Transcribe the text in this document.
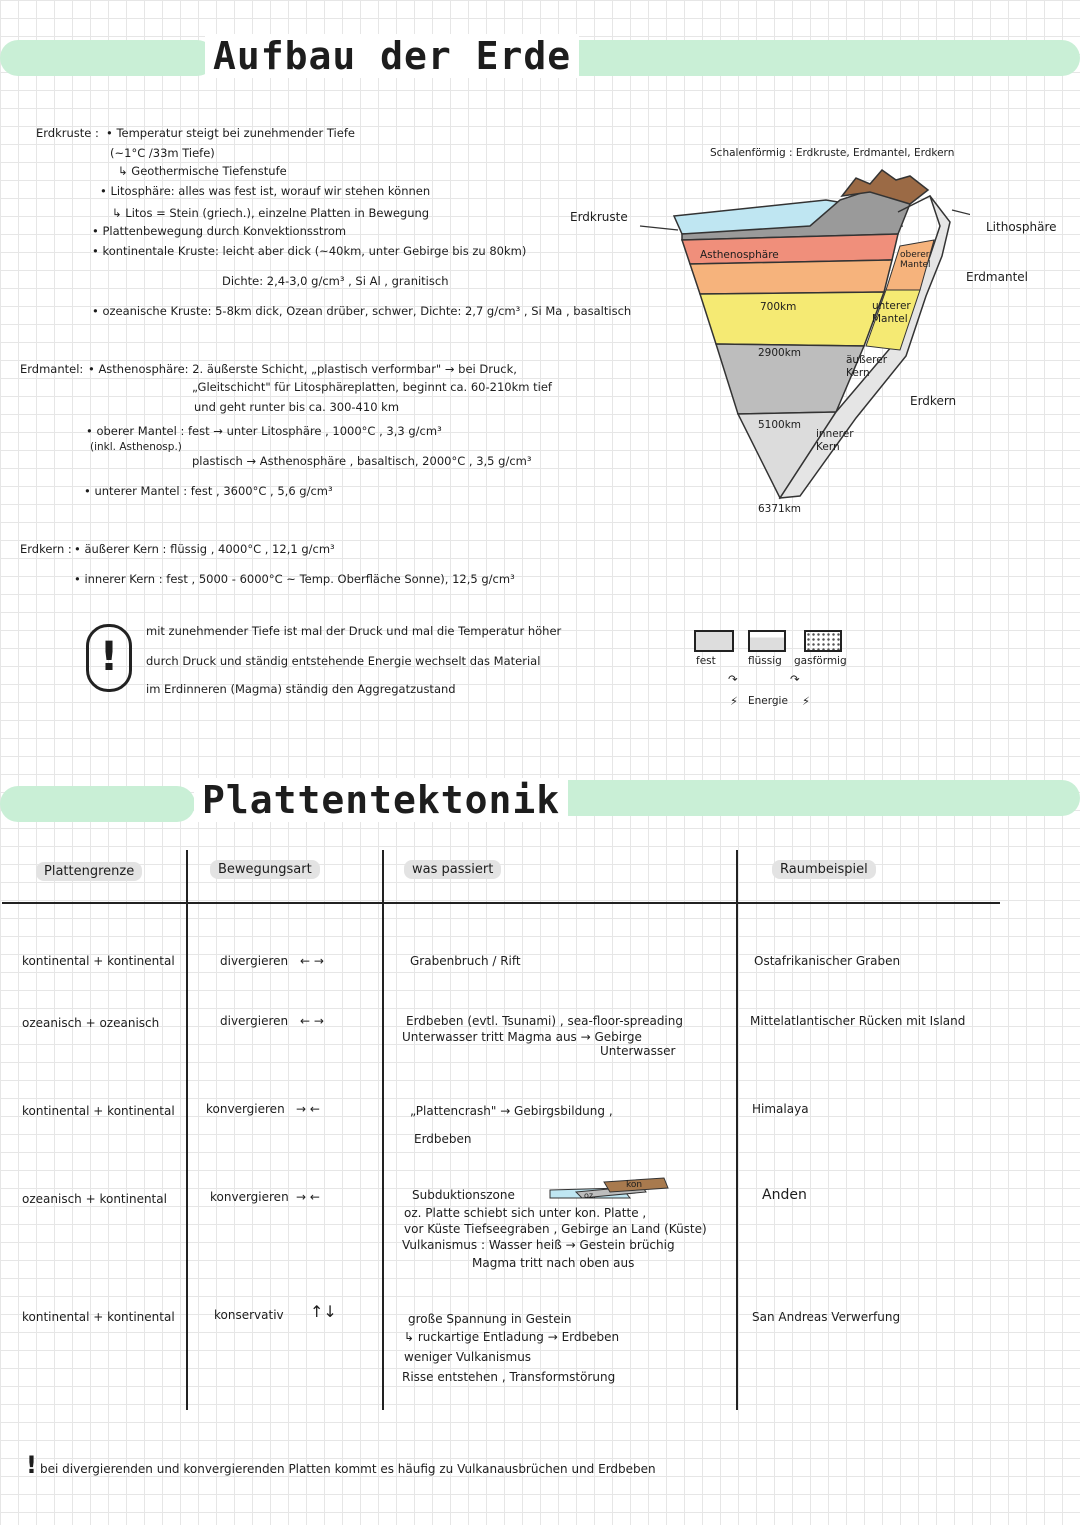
Aufbau der Erde
Erdkruste : • Temperatur steigt bei zunehmender Tiefe
(~1°C /33m Tiefe)
↳ Geothermische Tiefenstufe
• Litosphäre: alles was fest ist, worauf wir stehen können
↳ Litos = Stein (griech.), einzelne Platten in Bewegung
• Plattenbewegung durch Konvektionsstrom
• kontinentale Kruste: leicht aber dick (~40km, unter Gebirge bis zu 80km)
Dichte: 2,4-3,0 g/cm³ , Si Al , granitisch
• ozeanische Kruste: 5-8km dick, Ozean drüber, schwer, Dichte: 2,7 g/cm³ , Si Ma , basaltisch
Erdmantel: • Asthenosphäre: 2. äußerste Schicht, „plastisch verformbar" → bei Druck,
„Gleitschicht" für Litosphäreplatten, beginnt ca. 60-210km tief
und geht runter bis ca. 300-410 km
• oberer Mantel : fest → unter Litosphäre , 1000°C , 3,3 g/cm³
(inkl. Asthenosp.)
plastisch → Asthenosphäre , basaltisch, 2000°C , 3,5 g/cm³
• unterer Mantel : fest , 3600°C , 5,6 g/cm³
Erdkern : • äußerer Kern : flüssig , 4000°C , 12,1 g/cm³
• innerer Kern : fest , 5000 - 6000°C ~ Temp. Oberfläche Sonne), 12,5 g/cm³
!
mit zunehmender Tiefe ist mal der Druck und mal die Temperatur höher
durch Druck und ständig entstehende Energie wechselt das Material
im Erdinneren (Magma) ständig den Aggregatzustand
Schalenförmig : Erdkruste, Erdmantel, Erdkern
Erdkruste
Lithosphäre
Erdmantel
Erdkern
Asthenosphäre	oberer Mantel
unterer Mantel
äußerer Kern
innerer Kern
700km
2900km
5100km
6371km
fest	flüssig gasförmig
Energie
⚡	⚡
↷	↷
Plattentektonik
Plattengrenze	Bewegungsart	was passiert	Raumbeispiel
kontinental + kontinental	divergieren ← →	Grabenbruch / Rift	Ostafrikanischer Graben
ozeanisch + ozeanisch	divergieren ← →	Erdbeben (evtl. Tsunami) , sea-floor-spreading
Unterwasser tritt Magma aus → Gebirge
Unterwasser
Mittelatlantischer Rücken mit Island
kontinental + kontinental	konvergieren → ←	„Plattencrash" → Gebirgsbildung ,
Erdbeben
Himalaya
ozeanisch + kontinental	konvergieren → ←	Subduktionszone
oz. Platte schiebt sich unter kon. Platte ,
vor Küste Tiefseegraben , Gebirge an Land (Küste)
Vulkanismus : Wasser heiß → Gestein brüchig
Magma tritt nach oben aus
oz.
kon
Anden
kontinental + kontinental	konservativ ↑↓	große Spannung in Gestein
↳ ruckartige Entladung → Erdbeben
weniger Vulkanismus
Risse entstehen , Transformstörung
San Andreas Verwerfung
! bei divergierenden und konvergierenden Platten kommt es häufig zu Vulkanausbrüchen und Erdbeben
